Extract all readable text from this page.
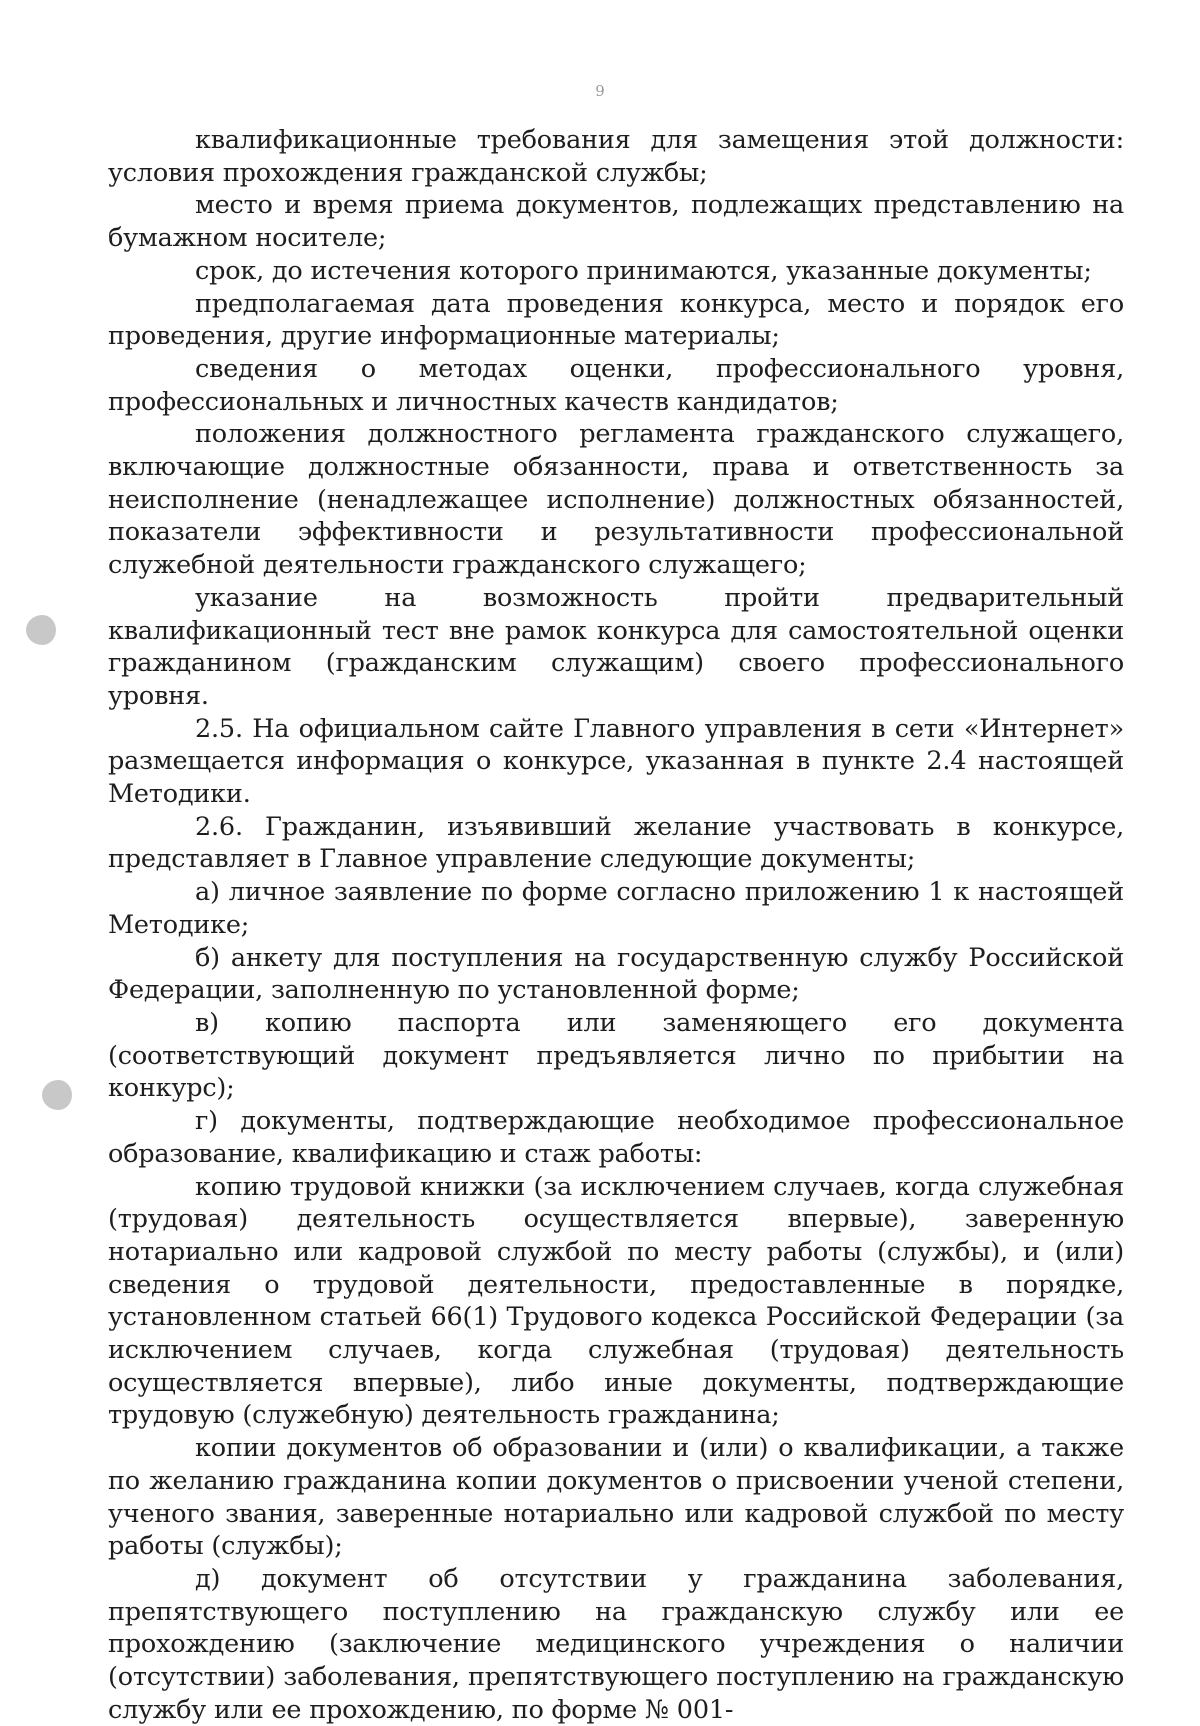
9

квалификационные требования для замещения этой должности: условия прохождения гражданской службы;

место и время приема документов, подлежащих представлению на бумажном носителе;

срок, до истечения которого принимаются, указанные документы;

предполагаемая дата проведения конкурса, место и порядок его проведения, другие информационные материалы;

сведения о методах оценки, профессионального уровня, профессиональных и личностных качеств кандидатов;

положения должностного регламента гражданского служащего, включающие должностные обязанности, права и ответственность за неисполнение (ненадлежащее исполнение) должностных обязанностей, показатели эффективности и результативности профессиональной служебной деятельности гражданского служащего;

указание на возможность пройти предварительный квалификационный тест вне рамок конкурса для самостоятельной оценки гражданином (гражданским служащим) своего профессионального уровня.

2.5. На официальном сайте Главного управления в сети «Интернет» размещается информация о конкурсе, указанная в пункте 2.4 настоящей Методики.

2.6. Гражданин, изъявивший желание участвовать в конкурсе, представляет в Главное управление следующие документы;

а) личное заявление по форме согласно приложению 1 к настоящей Методике;

б) анкету для поступления на государственную службу Российской Федерации, заполненную по установленной форме;

в) копию паспорта или заменяющего его документа (соответствующий документ предъявляется лично по прибытии на конкурс);

г) документы, подтверждающие необходимое профессиональное образование, квалификацию и стаж работы:

копию трудовой книжки (за исключением случаев, когда служебная (трудовая) деятельность осуществляется впервые), заверенную нотариально или кадровой службой по месту работы (службы), и (или) сведения о трудовой деятельности, предоставленные в порядке, установленном статьей 66(1) Трудового кодекса Российской Федерации (за исключением случаев, когда служебная (трудовая) деятельность осуществляется впервые), либо иные документы, подтверждающие трудовую (служебную) деятельность гражданина;

копии документов об образовании и (или) о квалификации, а также по желанию гражданина копии документов о присвоении ученой степени, ученого звания, заверенные нотариально или кадровой службой по месту работы (службы);

д) документ об отсутствии у гражданина заболевания, препятствующего поступлению на гражданскую службу или ее прохождению (заключение медицинского учреждения о наличии (отсутствии) заболевания, препятствующего поступлению на гражданскую службу или ее прохождению, по форме № 001-
